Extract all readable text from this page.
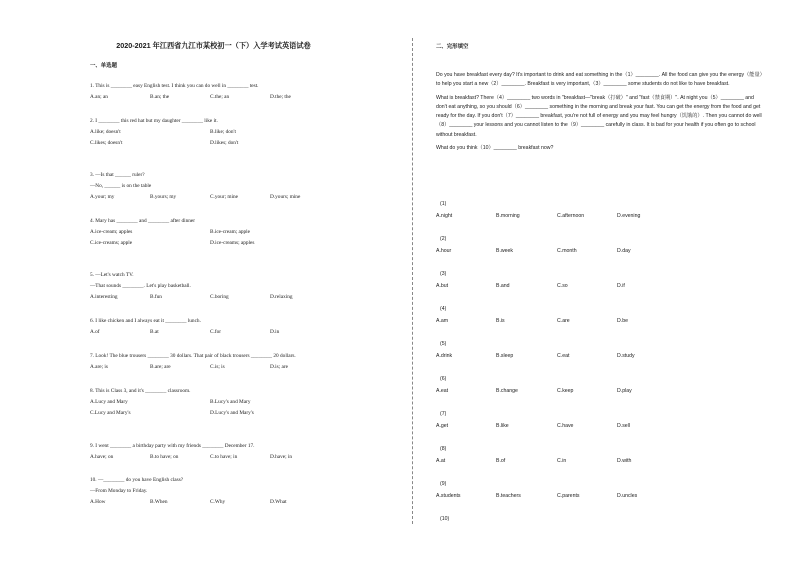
2020-2021 年江西省九江市某校初一（下）入学考试英语试卷
一、单选题
1. This is ________ easy English test. I think you can do well in ________ test.
A.an; an	B.an; the	C.the; an	D.the; the
2. I ________ this red hat but my daughter ________ like it.
A.like; doesn't	B.like; don't
C.likes; doesn't	D.likes; don't
3. —Is that ______ ruler?
—No, ______ is on the table
A.your; my	B.yours; my	C.your; mine	D.yours; mine
4. Mary has ________ and ________ after dinner
A.ice-cream; apples	B.ice-cream; apple
C.ice-creams; apple	D.ice-creams; apples
5. —Let's watch TV.
—That sounds ________. Let's play basketball.
A.interesting	B.fun	C.boring	D.relaxing
6. I like chicken and I always eat it ________ lunch.
A.of	B.at	C.for	D.in
7. Look! The blue trousers ________ 30 dollars. That pair of black trousers ________ 20 dollars.
A.are; is	B.are; are	C.is; is	D.is; are
8. This is Class 3, and it's ________ classroom.
A.Lucy and Mary	B.Lucy's and Mary
C.Lucy and Mary's	D.Lucy's and Mary's
9. I went ________ a birthday party with my friends ________ December 17.
A.have; on	B.to have; on	C.to have; in	D.have; in
10. —________ do you have English class?
—From Monday to Friday.
A.How	B.When	C.Why	D.What
二、完形填空

Do you have breakfast every day? It's important to drink and eat something in the（1）________. All the food can give you the energy（能量）to help you start a new（2）________. Breakfast is very important,（3）________ some students do not like to have breakfast.

What is breakfast? There（4）________ two words in "breakfast—"break（打破）" and "fast（禁食期）". At night you（5）________ and don't eat anything, so you should（6）________ something in the morning and break your fast. You can get the energy from the food and get ready for the day. If you don't（7）________ breakfast, you're not full of energy and you may feel hungry（饥饿的）. Then you cannot do well（8）________ your lessons and you cannot listen to the（9）________ carefully in class. It is bad for your health if you often go to school without breakfast.

What do you think（10）________ breakfast now?

(1)
A.night	B.morning	C.afternoon	D.evening
(2)
A.hour	B.week	C.month	D.day
(3)
A.but	B.and	C.so	D.if
(4)
A.am	B.is	C.are	D.be
(5)
A.drink	B.sleep	C.eat	D.study
(6)
A.eat	B.change	C.keep	D.play
(7)
A.get	B.like	C.have	D.sell
(8)
A.at	B.of	C.in	D.with
(9)
A.students	B.teachers	C.parents	D.uncles
(10)
